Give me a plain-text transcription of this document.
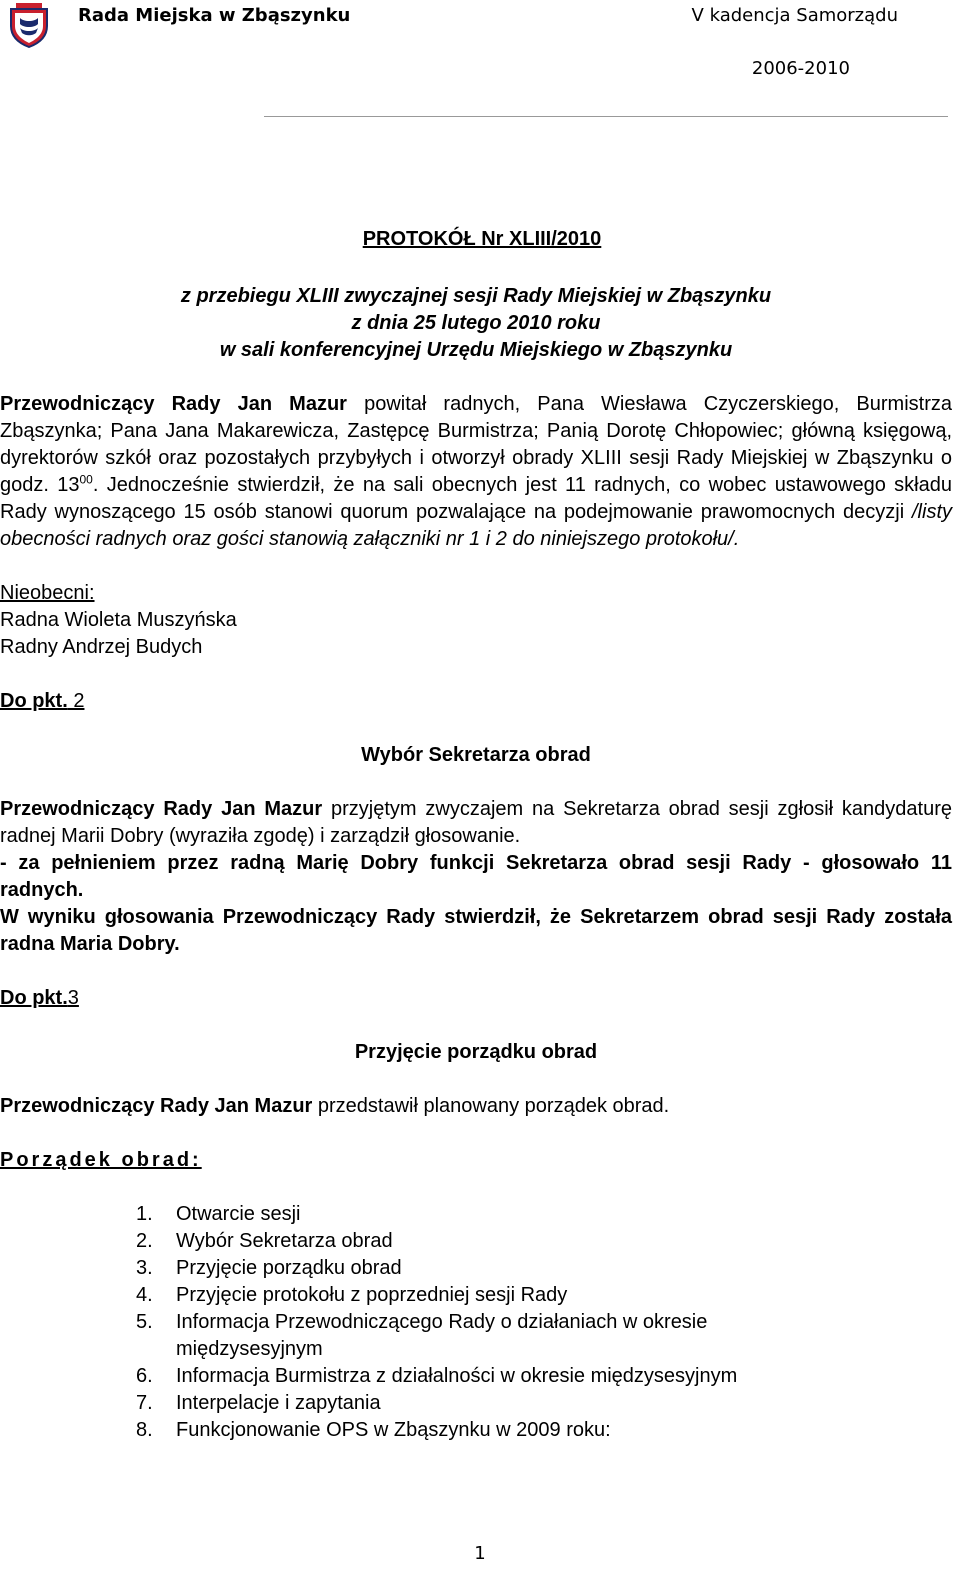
Rada Miejska w Zbąszynku	V kadencja Samorządu
2006-2010
PROTOKÓŁ Nr XLIII/2010
z przebiegu XLIII zwyczajnej sesji Rady Miejskiej w Zbąszynku
z dnia 25 lutego 2010 roku
w sali konferencyjnej Urzędu Miejskiego w Zbąszynku

Przewodniczący Rady Jan Mazur powitał radnych, Pana Wiesława Czyczerskiego, Burmistrza Zbąszynka; Pana Jana Makarewicza, Zastępcę Burmistrza; Panią Dorotę Chłopowiec; główną księgową, dyrektorów szkół oraz pozostałych przybyłych i otworzył obrady XLIII sesji Rady Miejskiej w Zbąszynku o godz. $13^{00}$. Jednocześnie stwierdził, że na sali obecnych jest 11 radnych, co wobec ustawowego składu Rady wynoszącego 15 osób stanowi quorum pozwalające na podejmowanie prawomocnych decyzji /listy obecności radnych oraz gości stanowią załączniki nr 1 i 2 do niniejszego protokołu/.

Nieobecni:

Radna Wioleta Muszyńska

Radny Andrzej Budych

Do pkt. 2

Wybór Sekretarza obrad

Przewodniczący Rady Jan Mazur przyjętym zwyczajem na Sekretarza obrad sesji zgłosił kandydaturę radnej Marii Dobry (wyraziła zgodę) i zarządził głosowanie.

- za pełnieniem przez radną Marię Dobry funkcji Sekretarza obrad sesji Rady - głosowało 11 radnych.

W wyniku głosowania Przewodniczący Rady stwierdził, że Sekretarzem obrad sesji Rady została radna Maria Dobry.

Do pkt.3

Przyjęcie porządku obrad

Przewodniczący Rady Jan Mazur przedstawił planowany porządek obrad.

Porządek obrad:

1. Otwarcie sesji
2. Wybór Sekretarza obrad
3. Przyjęcie porządku obrad
4. Przyjęcie protokołu z poprzedniej sesji Rady
5. Informacja Przewodniczącego Rady o działaniach w okresie międzysesyjnym
6. Informacja Burmistrza z działalności w okresie międzysesyjnym
7. Interpelacje i zapytania
8. Funkcjonowanie OPS w Zbąszynku w 2009 roku:
1
